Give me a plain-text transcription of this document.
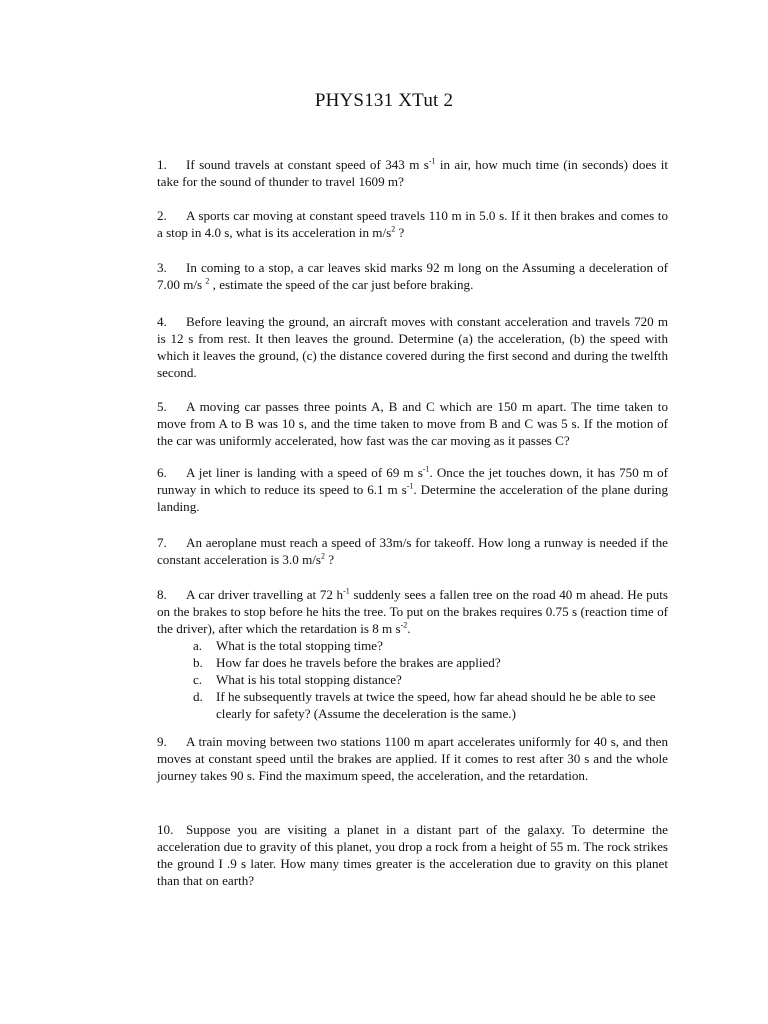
PHYS131 XTut 2

1. If sound travels at constant speed of 343 m $s^{-1}$ in air, how much time (in seconds) does it take for the sound of thunder to travel 1609 m?

2. A sports car moving at constant speed travels 110 m in 5.0 s. If it then brakes and comes to a stop in 4.0 s, what is its acceleration in $m/s^2$ ?

3. In coming to a stop, a car leaves skid marks 92 m long on the Assuming a deceleration of 7.00 m/s $^2$ , estimate the speed of the car just before braking.

4. Before leaving the ground, an aircraft moves with constant acceleration and travels 720 m is 12 s from rest. It then leaves the ground. Determine (a) the acceleration, (b) the speed with which it leaves the ground, (c) the distance covered during the first second and during the twelfth second.

5. A moving car passes three points A, B and C which are 150 m apart. The time taken to move from A to B was 10 s, and the time taken to move from B and C was 5 s. If the motion of the car was uniformly accelerated, how fast was the car moving as it passes C?

6. A jet liner is landing with a speed of 69 m $s^{-1}$. Once the jet touches down, it has 750 m of runway in which to reduce its speed to 6.1 m $s^{-1}$. Determine the acceleration of the plane during landing.

7. An aeroplane must reach a speed of 33m/s for takeoff. How long a runway is needed if the constant acceleration is 3.0 $m/s^2$ ?

8. A car driver travelling at 72 $h^{-1}$ suddenly sees a fallen tree on the road 40 m ahead. He puts on the brakes to stop before he hits the tree. To put on the brakes requires 0.75 s (reaction time of the driver), after which the retardation is 8 m $s^{-2}$.

a. What is the total stopping time?
b. How far does he travels before the brakes are applied?
c. What is his total stopping distance?
d. If he subsequently travels at twice the speed, how far ahead should he be able to see clearly for safety? (Assume the deceleration is the same.)

9. A train moving between two stations 1100 m apart accelerates uniformly for 40 s, and then moves at constant speed until the brakes are applied. If it comes to rest after 30 s and the whole journey takes 90 s. Find the maximum speed, the acceleration, and the retardation.

10. Suppose you are visiting a planet in a distant part of the galaxy. To determine the acceleration due to gravity of this planet, you drop a rock from a height of 55 m. The rock strikes the ground I .9 s later. How many times greater is the acceleration due to gravity on this planet than that on earth?
